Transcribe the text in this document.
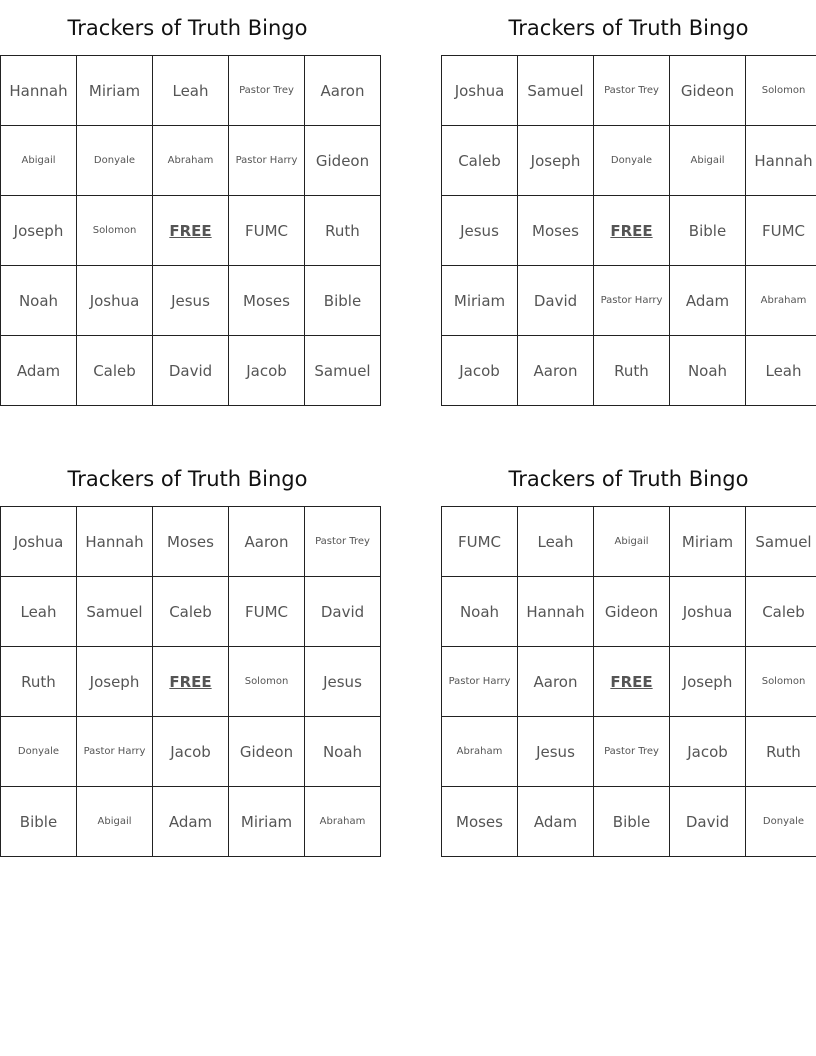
Trackers of Truth Bingo
Hannah	Miriam	Leah	Pastor Trey	Aaron
Abigail	Donyale	Abraham	Pastor Harry	Gideon
Joseph	Solomon	FREE	FUMC	Ruth
Noah	Joshua	Jesus	Moses	Bible
Adam	Caleb	David	Jacob	Samuel
Trackers of Truth Bingo
Joshua	Samuel	Pastor Trey	Gideon	Solomon
Caleb	Joseph	Donyale	Abigail	Hannah
Jesus	Moses	FREE	Bible	FUMC
Miriam	David	Pastor Harry	Adam	Abraham
Jacob	Aaron	Ruth	Noah	Leah
Trackers of Truth Bingo
Joshua	Hannah	Moses	Aaron	Pastor Trey
Leah	Samuel	Caleb	FUMC	David
Ruth	Joseph	FREE	Solomon	Jesus
Donyale	Pastor Harry	Jacob	Gideon	Noah
Bible	Abigail	Adam	Miriam	Abraham
Trackers of Truth Bingo
FUMC	Leah	Abigail	Miriam	Samuel
Noah	Hannah	Gideon	Joshua	Caleb
Pastor Harry	Aaron	FREE	Joseph	Solomon
Abraham	Jesus	Pastor Trey	Jacob	Ruth
Moses	Adam	Bible	David	Donyale
